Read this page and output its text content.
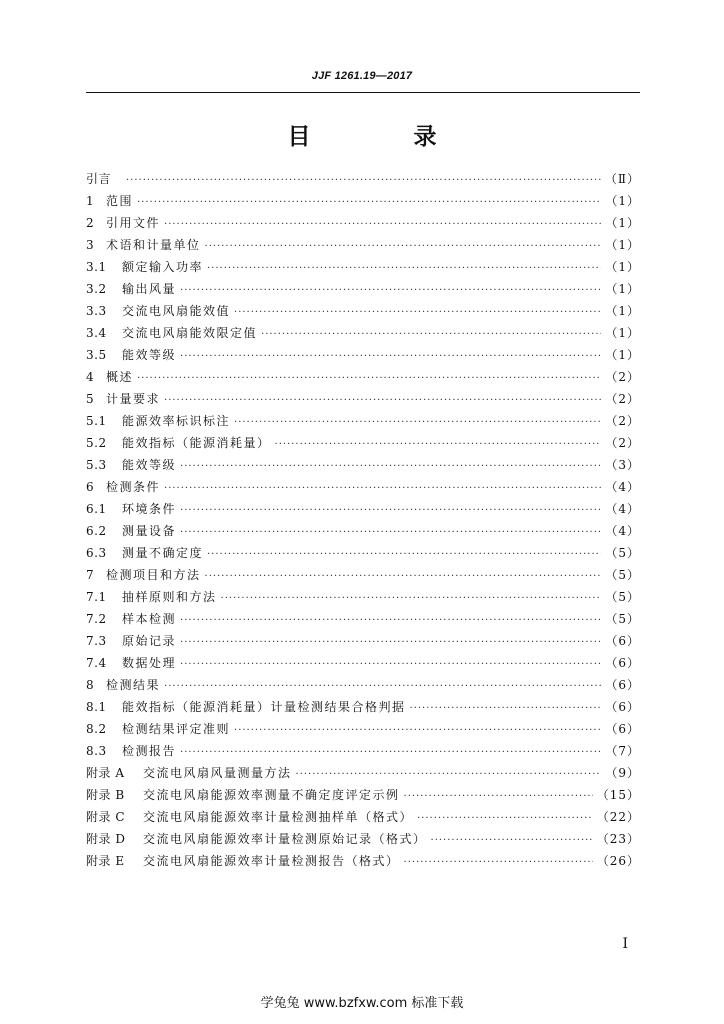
JJF 1261.19—2017
目　录
引言 ·····	（Ⅱ）
1 范围 ·····	（1）
2 引用文件 ·····	（1）
3 术语和计量单位 ·····	（1）
3.1	额定输入功率 ·····	（1）
3.2	输出风量 ·····	（1）
3.3	交流电风扇能效值 ·····	（1）
3.4	交流电风扇能效限定值 ·····	（1）
3.5	能效等级 ·····	（1）
4 概述 ·····	（2）
5 计量要求 ·····	（2）
5.1	能源效率标识标注 ·····	（2）
5.2	能效指标（能源消耗量） ·····	（2）
5.3	能效等级 ·····	（3）
6 检测条件 ·····	（4）
6.1	环境条件 ·····	（4）
6.2	测量设备 ·····	（4）
6.3	测量不确定度 ·····	（5）
7 检测项目和方法 ·····	（5）
7.1	抽样原则和方法 ·····	（5）
7.2	样本检测 ·····	（5）
7.3	原始记录 ·····	（6）
7.4	数据处理 ·····	（6）
8 检测结果 ·····	（6）
8.1	能效指标（能源消耗量）计量检测结果合格判据 ·····	（6）
8.2	检测结果评定准则 ·····	（6）
8.3	检测报告 ·····	（7）
附录 A	交流电风扇风量测量方法 ·····	（9）
附录 B	交流电风扇能源效率测量不确定度评定示例 ·····	（15）
附录 C	交流电风扇能源效率计量检测抽样单（格式） ·····	（22）
附录 D	交流电风扇能源效率计量检测原始记录（格式） ·····	（23）
附录 E	交流电风扇能源效率计量检测报告（格式） ·····	（26）
I
学兔兔 www.bzfxw.com 标准下载
